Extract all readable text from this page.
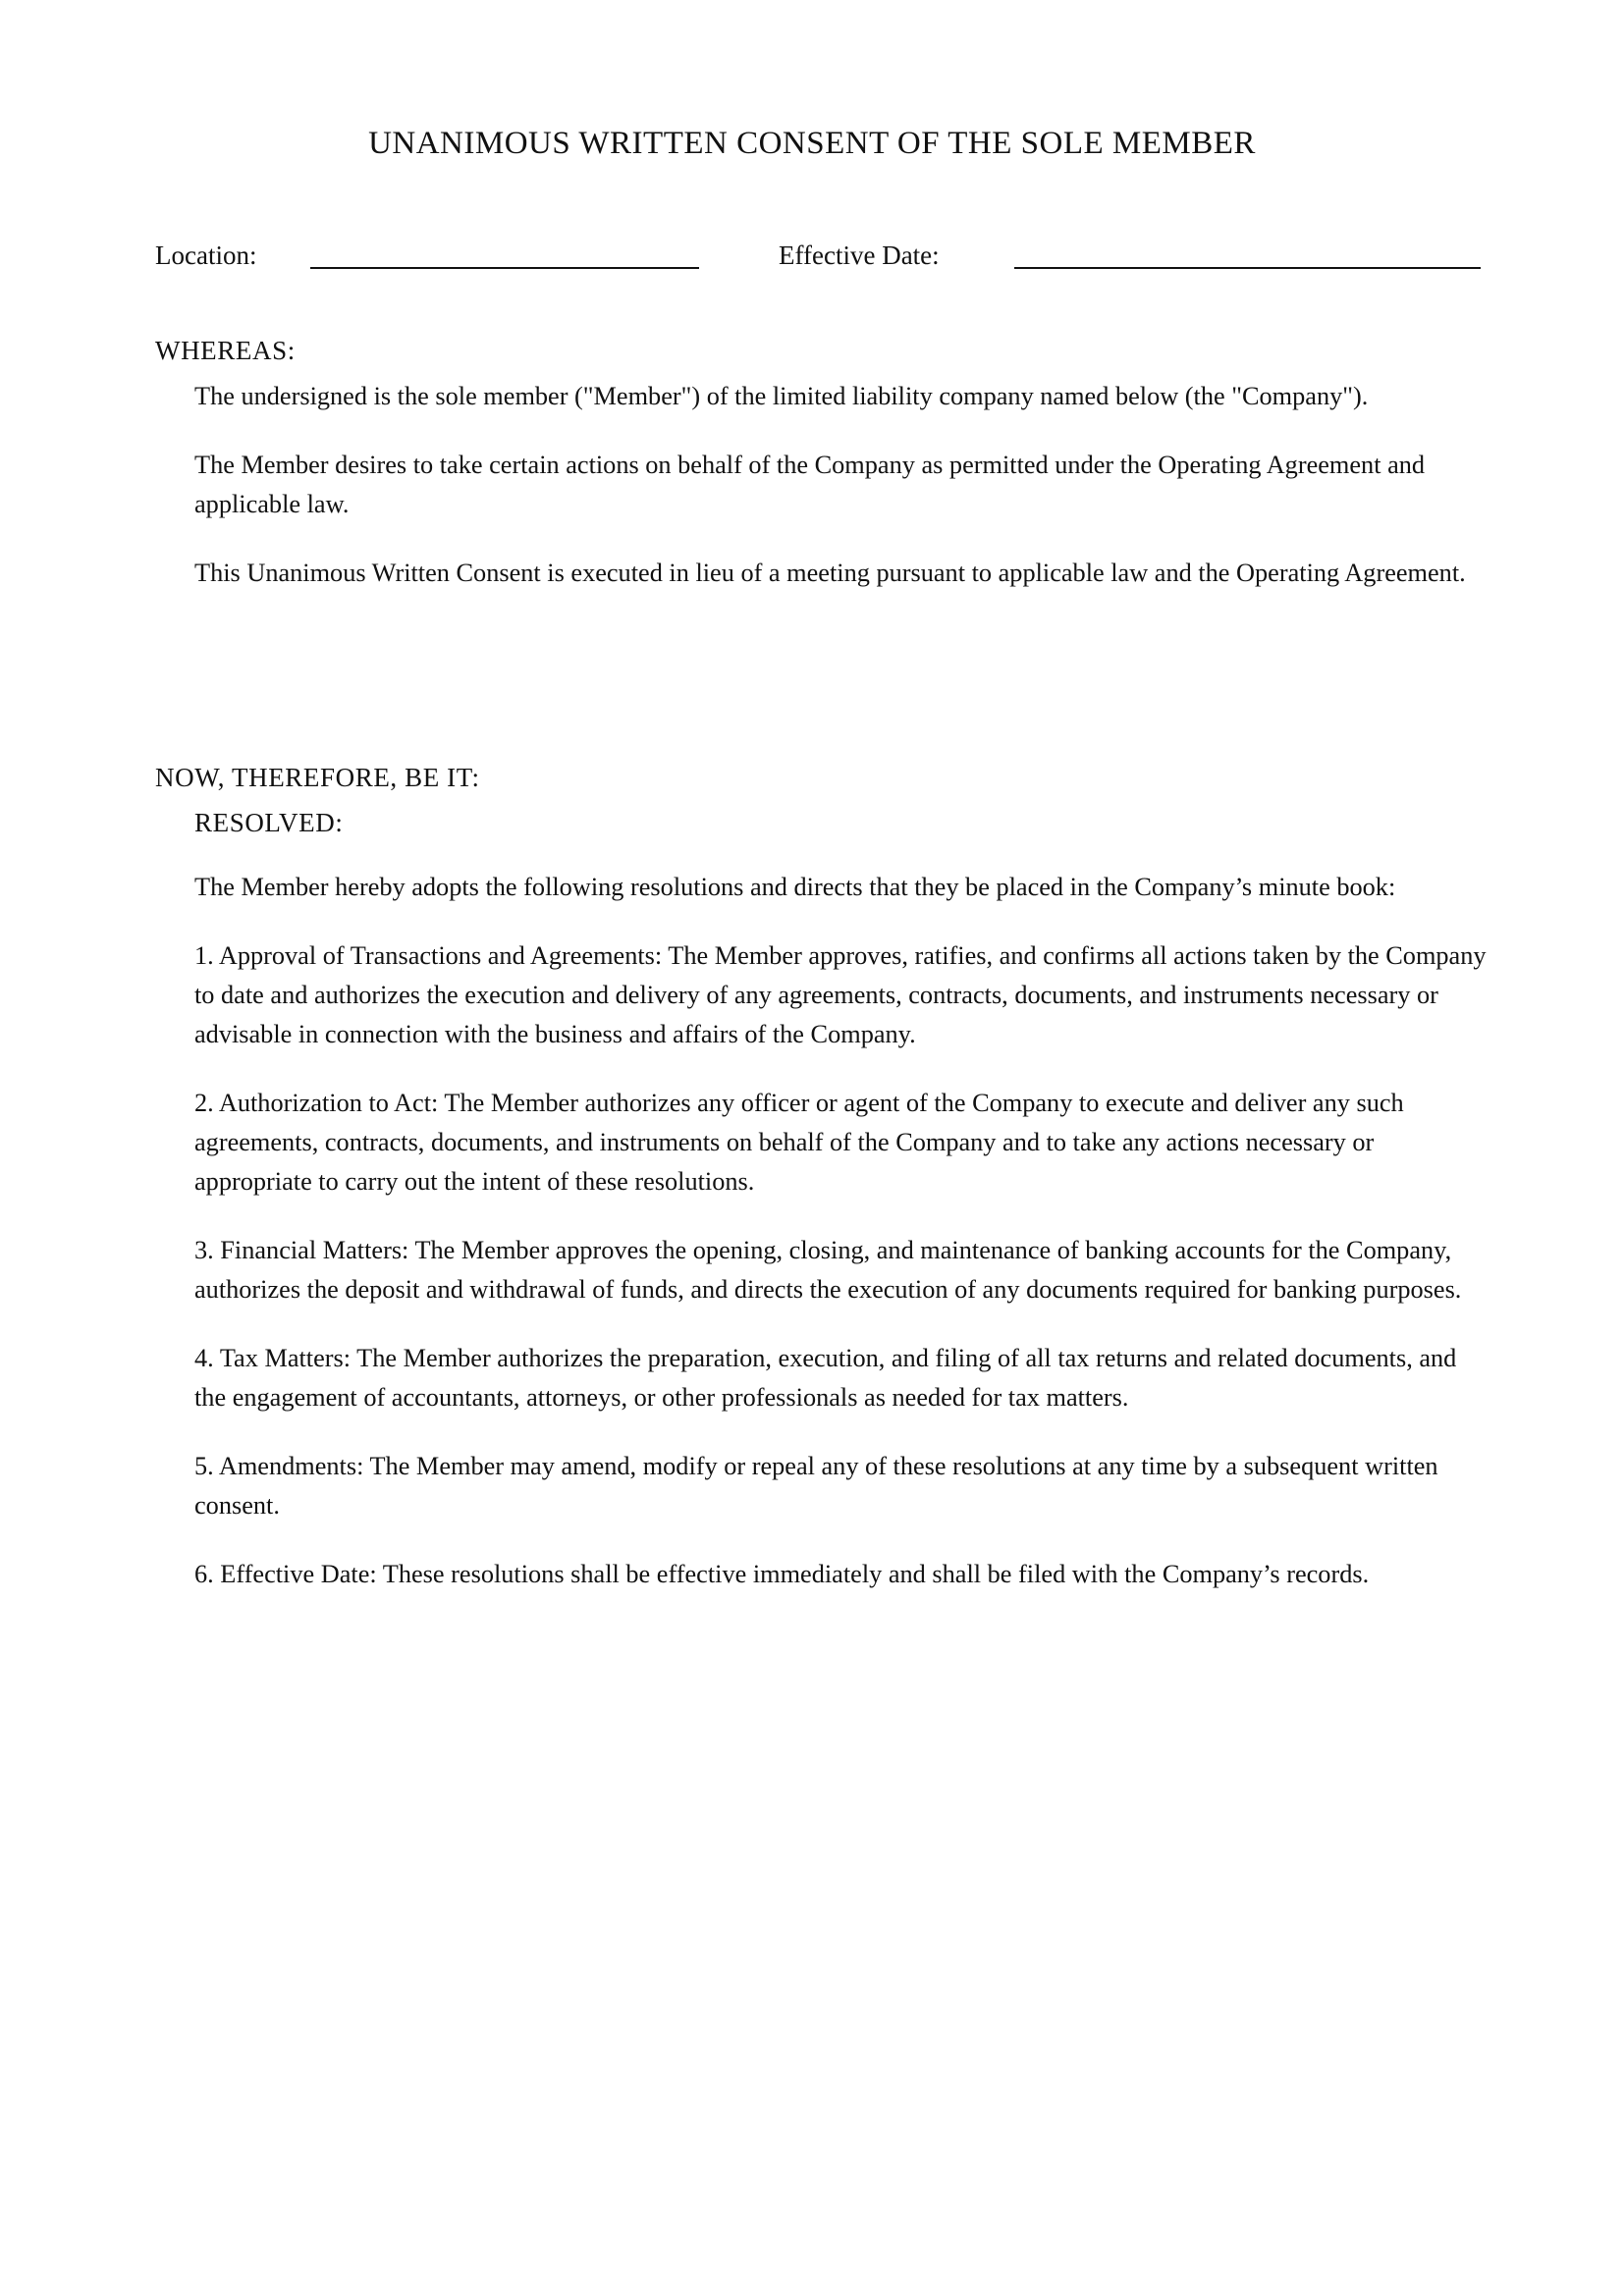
UNANIMOUS WRITTEN CONSENT OF THE SOLE MEMBER
Location:	Effective Date:
WHEREAS:

The undersigned is the sole member ("Member") of the limited liability company named below (the "Company").

The Member desires to take certain actions on behalf of the Company as permitted under the Operating Agreement and applicable law.

This Unanimous Written Consent is executed in lieu of a meeting pursuant to applicable law and the Operating Agreement.

NOW, THEREFORE, BE IT:
RESOLVED:

The Member hereby adopts the following resolutions and directs that they be placed in the Company’s minute book:

1. Approval of Transactions and Agreements: The Member approves, ratifies, and confirms all actions taken by the Company to date and authorizes the execution and delivery of any agreements, contracts, documents, and instruments necessary or advisable in connection with the business and affairs of the Company.

2. Authorization to Act: The Member authorizes any officer or agent of the Company to execute and deliver any such agreements, contracts, documents, and instruments on behalf of the Company and to take any actions necessary or appropriate to carry out the intent of these resolutions.

3. Financial Matters: The Member approves the opening, closing, and maintenance of banking accounts for the Company, authorizes the deposit and withdrawal of funds, and directs the execution of any documents required for banking purposes.

4. Tax Matters: The Member authorizes the preparation, execution, and filing of all tax returns and related documents, and the engagement of accountants, attorneys, or other professionals as needed for tax matters.

5. Amendments: The Member may amend, modify or repeal any of these resolutions at any time by a subsequent written consent.

6. Effective Date: These resolutions shall be effective immediately and shall be filed with the Company’s records.
